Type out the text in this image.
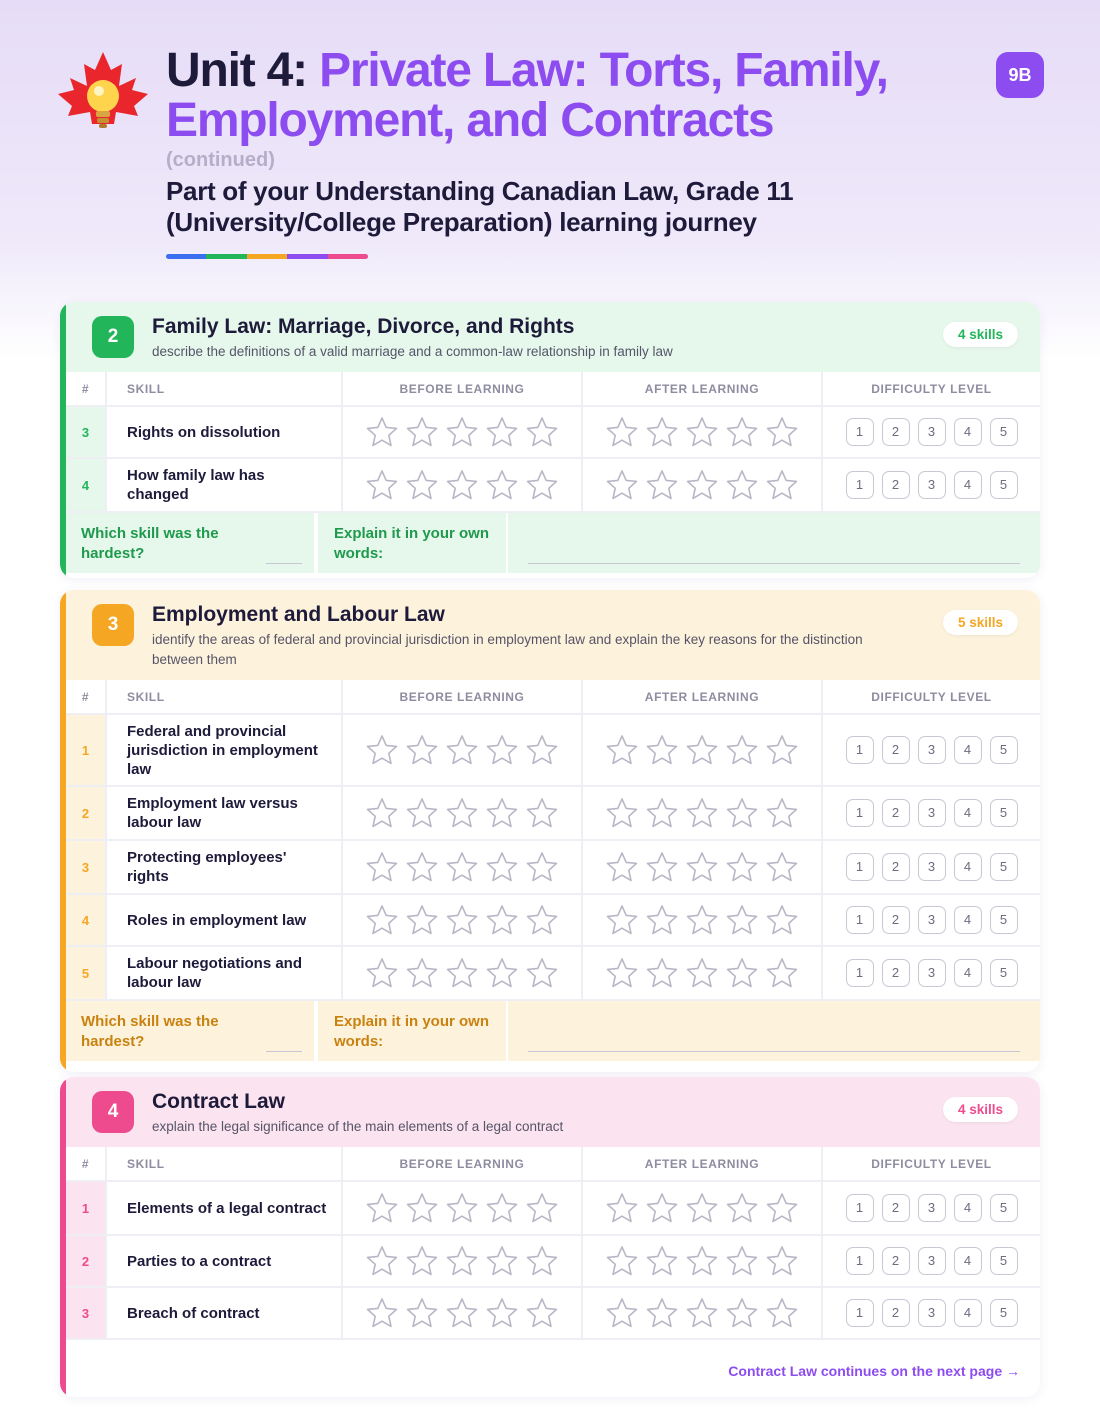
Unit 4: Private Law: Torts, Family, Employment, and Contracts
(continued)
Part of your Understanding Canadian Law, Grade 11 (University/College Preparation) learning journey
9B
2	Family Law: Marriage, Divorce, and Rights
describe the definitions of a valid marriage and a common-law relationship in family law
4 skills
#	SKILL	BEFORE LEARNING	AFTER LEARNING	DIFFICULTY LEVEL
3	Rights on dissolution			1 2 3 4 5
4	How family law has changed			1 2 3 4 5
Which skill was the hardest?
Explain it in your own words:
3	Employment and Labour Law
identify the areas of federal and provincial jurisdiction in employment law and explain the key reasons for the distinction between them
5 skills
#	SKILL	BEFORE LEARNING	AFTER LEARNING	DIFFICULTY LEVEL
1	Federal and provincial jurisdiction in employment law			1 2 3 4 5
2	Employment law versus labour law			1 2 3 4 5
3	Protecting employees' rights			1 2 3 4 5
4	Roles in employment law			1 2 3 4 5
5	Labour negotiations and labour law			1 2 3 4 5
Which skill was the hardest?
Explain it in your own words:
4	Contract Law
explain the legal significance of the main elements of a legal contract
4 skills
#	SKILL	BEFORE LEARNING	AFTER LEARNING	DIFFICULTY LEVEL
1	Elements of a legal contract			1 2 3 4 5
2	Parties to a contract			1 2 3 4 5
3	Breach of contract			1 2 3 4 5
Contract Law continues on the next page →
